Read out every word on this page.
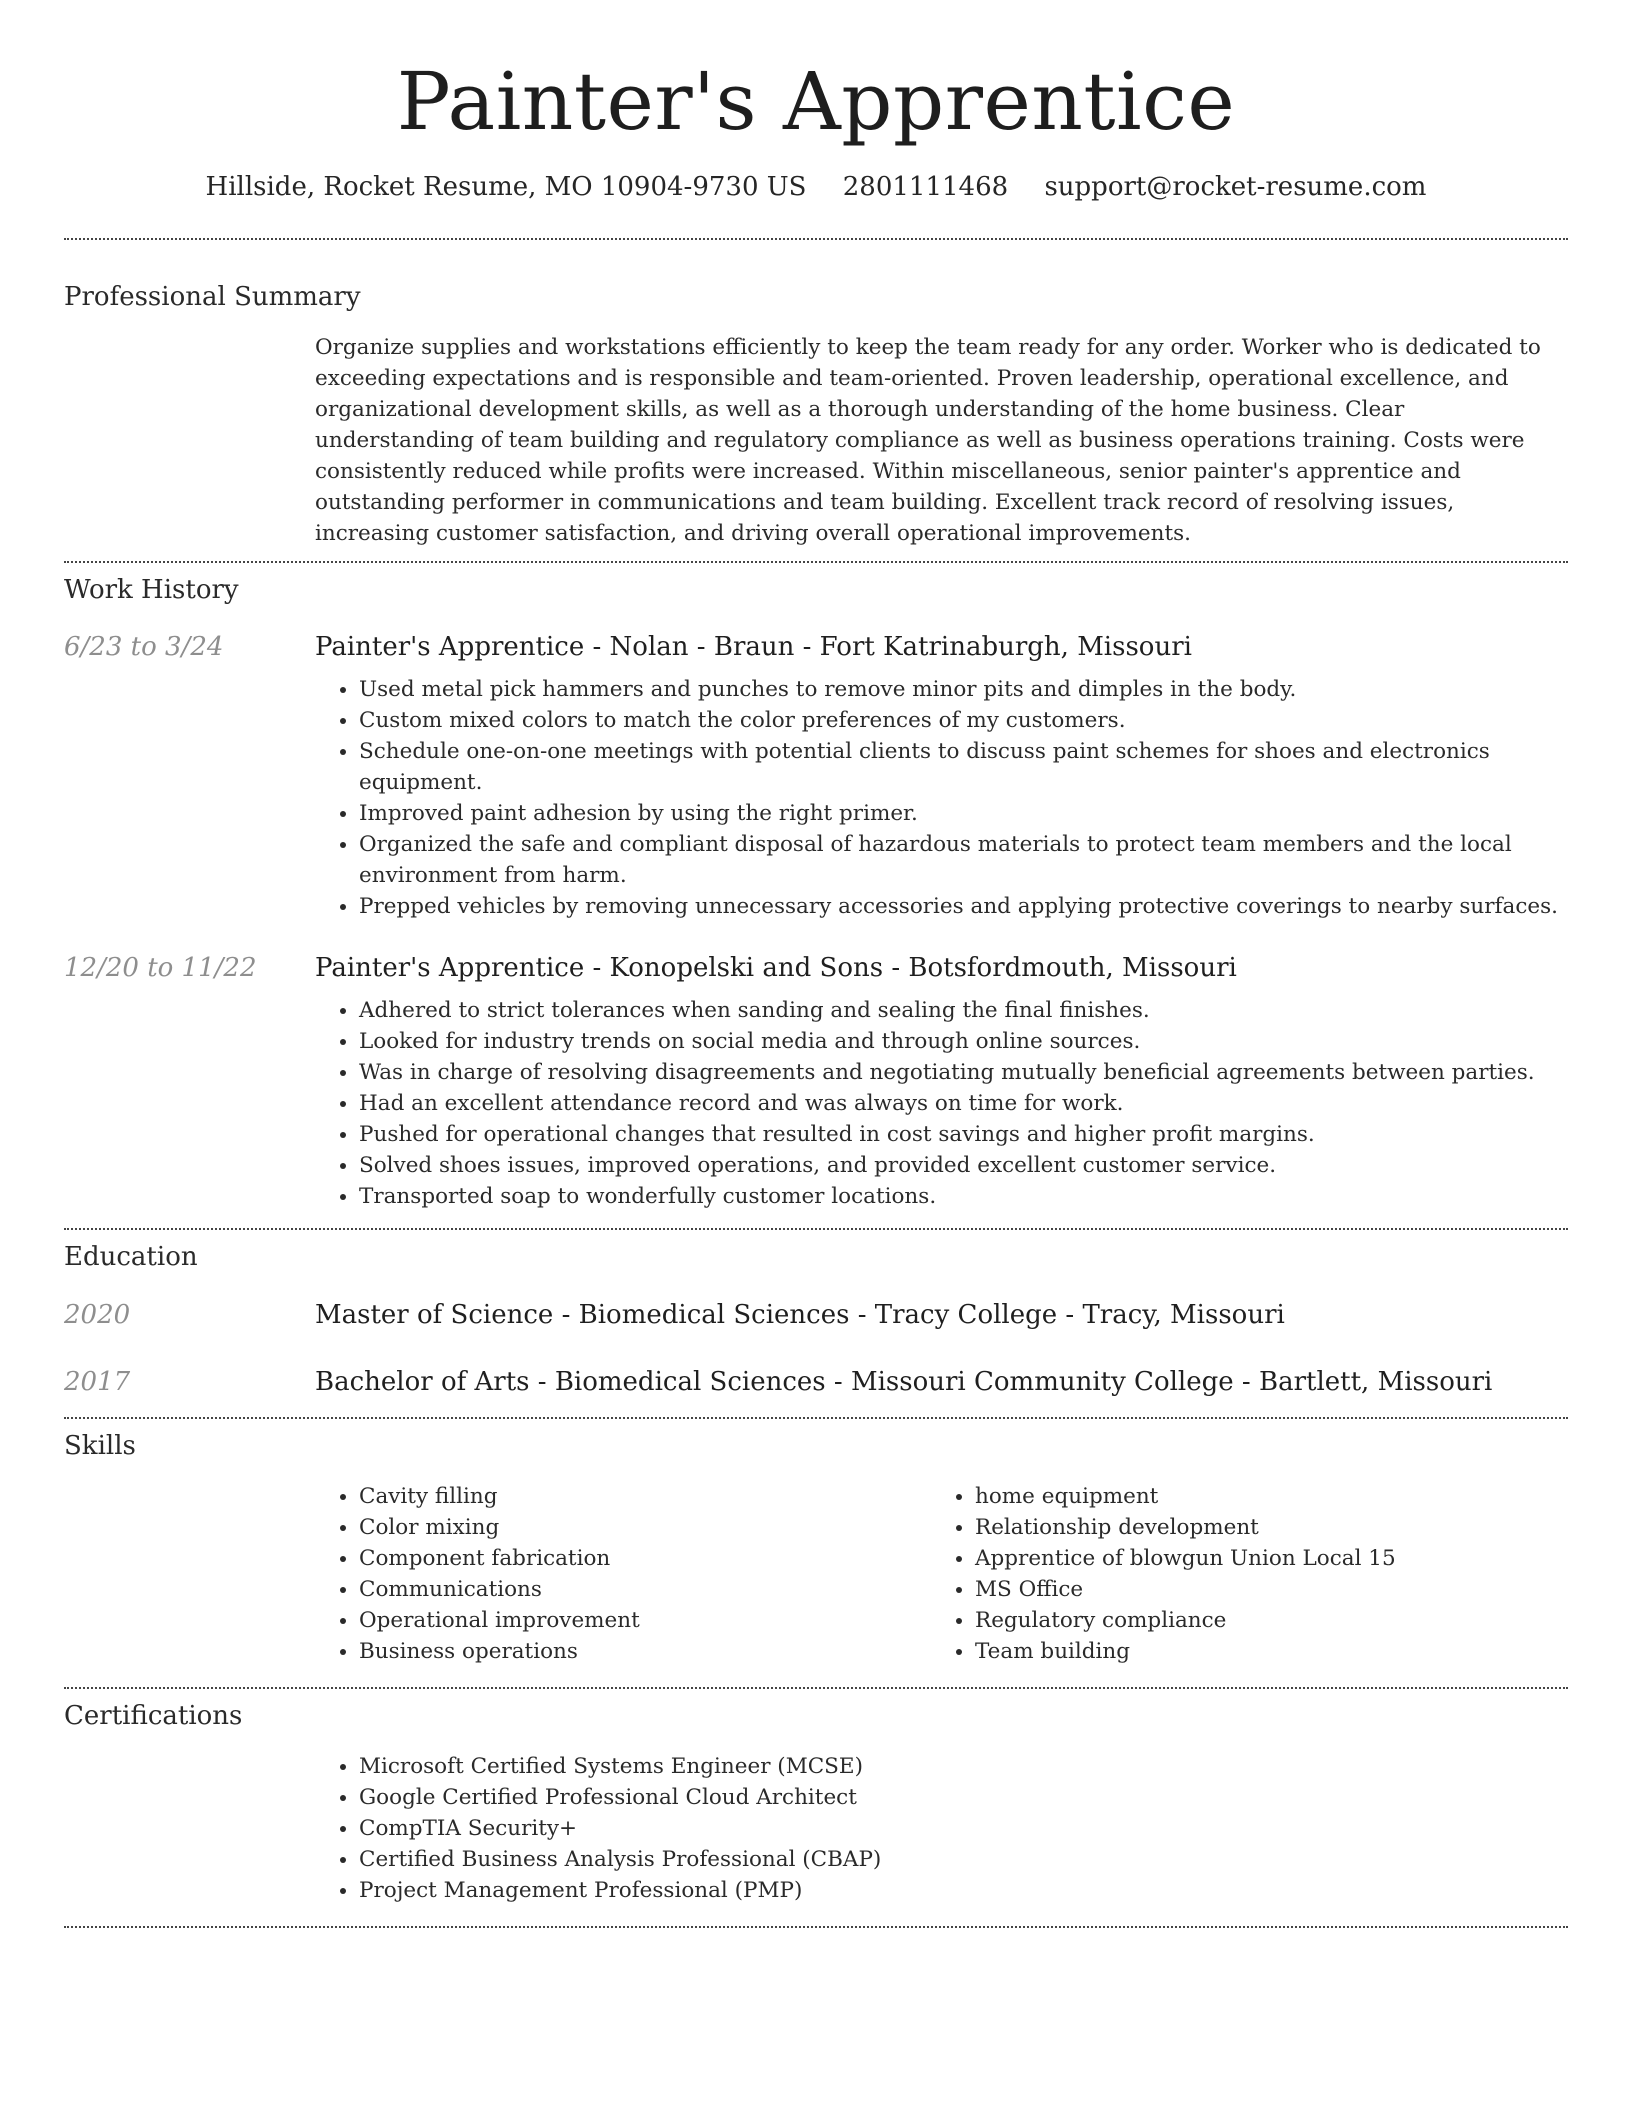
Painter's Apprentice
Hillside, Rocket Resume, MO 10904-9730 US 2801111468 support@rocket-resume.com
Professional Summary

Organize supplies and workstations efficiently to keep the team ready for any order. Worker who is dedicated to exceeding expectations and is responsible and team-oriented. Proven leadership, operational excellence, and organizational development skills, as well as a thorough understanding of the home business. Clear understanding of team building and regulatory compliance as well as business operations training. Costs were consistently reduced while profits were increased. Within miscellaneous, senior painter's apprentice and outstanding performer in communications and team building. Excellent track record of resolving issues, increasing customer satisfaction, and driving overall operational improvements.

Work History
6/23 to 3/24	Painter's Apprentice - Nolan - Braun - Fort Katrinaburgh, Missouri
• Used metal pick hammers and punches to remove minor pits and dimples in the body.
• Custom mixed colors to match the color preferences of my customers.
• Schedule one-on-one meetings with potential clients to discuss paint schemes for shoes and electronics equipment.
• Improved paint adhesion by using the right primer.
• Organized the safe and compliant disposal of hazardous materials to protect team members and the local environment from harm.
• Prepped vehicles by removing unnecessary accessories and applying protective coverings to nearby surfaces.
12/20 to 11/22	Painter's Apprentice - Konopelski and Sons - Botsfordmouth, Missouri
• Adhered to strict tolerances when sanding and sealing the final finishes.
• Looked for industry trends on social media and through online sources.
• Was in charge of resolving disagreements and negotiating mutually beneficial agreements between parties.
• Had an excellent attendance record and was always on time for work.
• Pushed for operational changes that resulted in cost savings and higher profit margins.
• Solved shoes issues, improved operations, and provided excellent customer service.
• Transported soap to wonderfully customer locations.
Education
2020	Master of Science - Biomedical Sciences - Tracy College - Tracy, Missouri
2017	Bachelor of Arts - Biomedical Sciences - Missouri Community College - Bartlett, Missouri
Skills
• Cavity filling
• Color mixing
• Component fabrication
• Communications
• Operational improvement
• Business operations
• home equipment
• Relationship development
• Apprentice of blowgun Union Local 15
• MS Office
• Regulatory compliance
• Team building
Certifications
• Microsoft Certified Systems Engineer (MCSE)
• Google Certified Professional Cloud Architect
• CompTIA Security+
• Certified Business Analysis Professional (CBAP)
• Project Management Professional (PMP)
